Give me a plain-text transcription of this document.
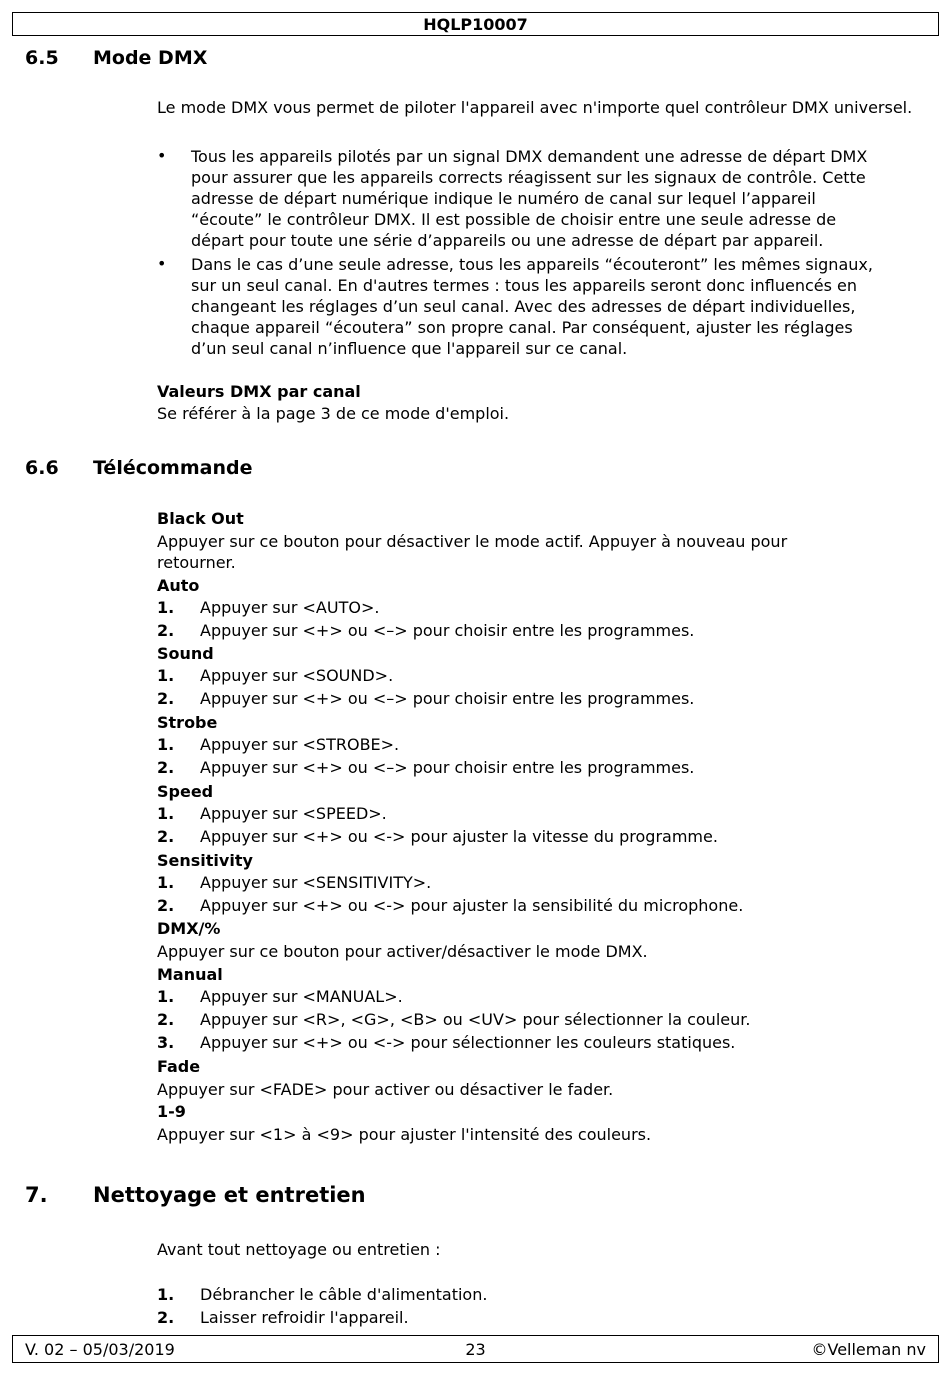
HQLP10007
6.5 Mode DMX
Le mode DMX vous permet de piloter l'appareil avec n'importe quel contrôleur DMX universel.
• Tous les appareils pilotés par un signal DMX demandent une adresse de départ DMX
pour assurer que les appareils corrects réagissent sur les signaux de contrôle. Cette
adresse de départ numérique indique le numéro de canal sur lequel l’appareil
“écoute” le contrôleur DMX. Il est possible de choisir entre une seule adresse de
départ pour toute une série d’appareils ou une adresse de départ par appareil.
• Dans le cas d’une seule adresse, tous les appareils “écouteront” les mêmes signaux,
sur un seul canal. En d'autres termes : tous les appareils seront donc influencés en
changeant les réglages d’un seul canal. Avec des adresses de départ individuelles,
chaque appareil “écoutera” son propre canal. Par conséquent, ajuster les réglages
d’un seul canal n’influence que l'appareil sur ce canal.
Valeurs DMX par canal
Se référer à la page 3 de ce mode d'emploi.
6.6 Télécommande
Black Out
Appuyer sur ce bouton pour désactiver le mode actif. Appuyer à nouveau pour
retourner.
Auto
1. Appuyer sur <AUTO>.
2. Appuyer sur <+> ou <–> pour choisir entre les programmes.
Sound
1. Appuyer sur <SOUND>.
2. Appuyer sur <+> ou <–> pour choisir entre les programmes.
Strobe
1. Appuyer sur <STROBE>.
2. Appuyer sur <+> ou <–> pour choisir entre les programmes.
Speed
1. Appuyer sur <SPEED>.
2. Appuyer sur <+> ou <-> pour ajuster la vitesse du programme.
Sensitivity
1. Appuyer sur <SENSITIVITY>.
2. Appuyer sur <+> ou <-> pour ajuster la sensibilité du microphone.
DMX/%
Appuyer sur ce bouton pour activer/désactiver le mode DMX.
Manual
1. Appuyer sur <MANUAL>.
2. Appuyer sur <R>, <G>, <B> ou <UV> pour sélectionner la couleur.
3. Appuyer sur <+> ou <-> pour sélectionner les couleurs statiques.
Fade
Appuyer sur <FADE> pour activer ou désactiver le fader.
1-9
Appuyer sur <1> à <9> pour ajuster l'intensité des couleurs.
7. Nettoyage et entretien
Avant tout nettoyage ou entretien :
1. Débrancher le câble d'alimentation.
2. Laisser refroidir l'appareil.
V. 02 – 05/03/2019	23	©Velleman nv
